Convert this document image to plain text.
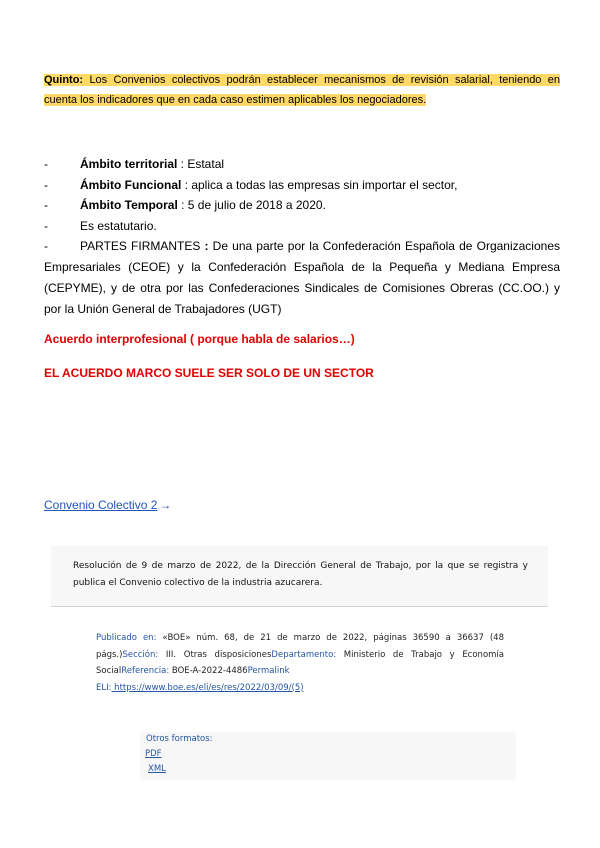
Quinto: Los Convenios colectivos podrán establecer mecanismos de revisión salarial, teniendo en cuenta los indicadores que en cada caso estimen aplicables los negociadores.
-	Ámbito territorial : Estatal
-	Ámbito Funcional : aplica a todas las empresas sin importar el sector,
-	Ámbito Temporal : 5 de julio de 2018 a 2020.
-	Es estatutario.
-	PARTES FIRMANTES : De una parte por la Confederación Española de Organizaciones Empresariales (CEOE) y la Confederación Española de la Pequeña y Mediana Empresa (CEPYME), y de otra por las Confederaciones Sindicales de Comisiones Obreras (CC.OO.) y por la Unión General de Trabajadores (UGT)
Acuerdo interprofesional ( porque habla de salarios…)
EL ACUERDO MARCO SUELE SER SOLO DE UN SECTOR
Convenio Colectivo 2 →
Resolución de 9 de marzo de 2022, de la Dirección General de Trabajo, por la que se registra y publica el Convenio colectivo de la industria azucarera.
Publicado en: «BOE» núm. 68, de 21 de marzo de 2022, páginas 36590 a 36637 (48 págs.)Sección: III. Otras disposicionesDepartamento: Ministerio de Trabajo y Economía SocialReferencia: BOE-A-2022-4486Permalink
ELI: https://www.boe.es/eli/es/res/2022/03/09/(5)
Otros formatos:
PDF
XML
